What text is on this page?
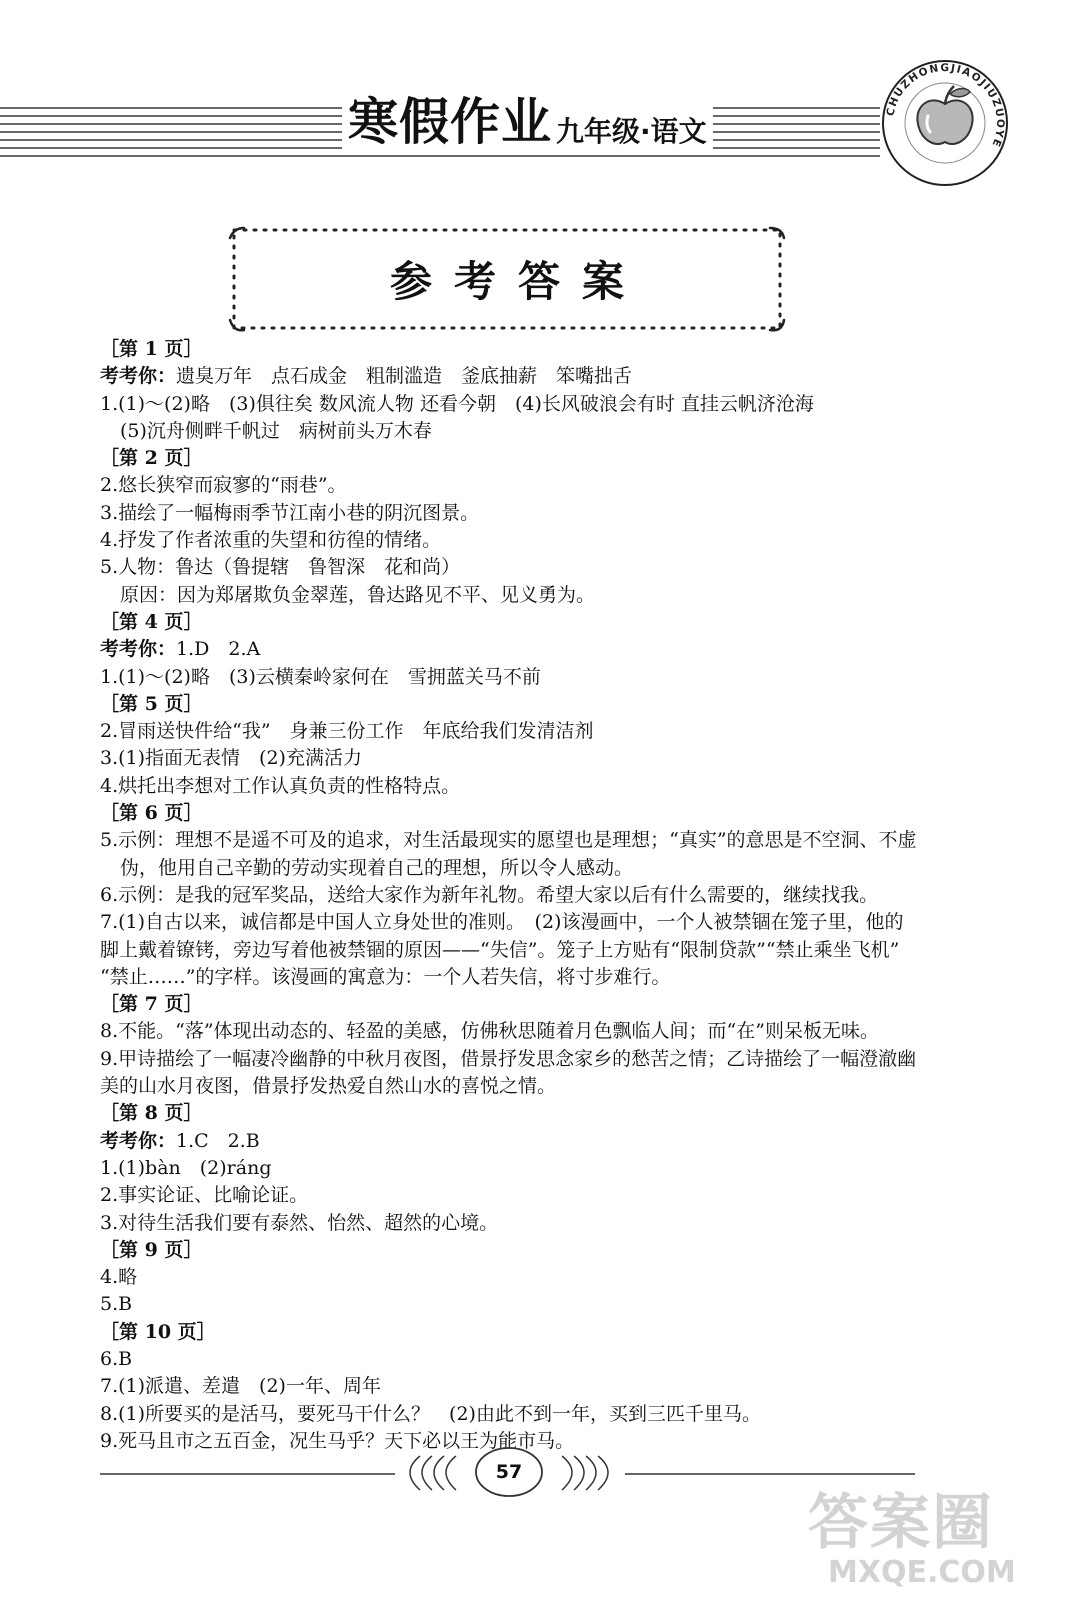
寒假作业 九年级·语文
CHUZHONGJIAOJIUZUOYE
参考答案
［第 1 页］
考考你：遗臭万年　点石成金　粗制滥造　釜底抽薪　笨嘴拙舌
1.(1)～(2)略　(3)俱往矣 数风流人物 还看今朝　(4)长风破浪会有时 直挂云帆济沧海
(5)沉舟侧畔千帆过　病树前头万木春
［第 2 页］
2.悠长狭窄而寂寥的“雨巷”。
3.描绘了一幅梅雨季节江南小巷的阴沉图景。
4.抒发了作者浓重的失望和彷徨的情绪。
5.人物：鲁达（鲁提辖　鲁智深　花和尚）
原因：因为郑屠欺负金翠莲，鲁达路见不平、见义勇为。
［第 4 页］
考考你：1.D　2.A
1.(1)～(2)略　(3)云横秦岭家何在　雪拥蓝关马不前
［第 5 页］
2.冒雨送快件给“我”　身兼三份工作　年底给我们发清洁剂
3.(1)指面无表情　(2)充满活力
4.烘托出李想对工作认真负责的性格特点。
［第 6 页］
5.示例：理想不是遥不可及的追求，对生活最现实的愿望也是理想；“真实”的意思是不空洞、不虚
伪，他用自己辛勤的劳动实现着自己的理想，所以令人感动。
6.示例：是我的冠军奖品，送给大家作为新年礼物。希望大家以后有什么需要的，继续找我。
7.(1)自古以来，诚信都是中国人立身处世的准则。　(2)该漫画中，一个人被禁锢在笼子里，他的
脚上戴着镣铐，旁边写着他被禁锢的原因——“失信”。笼子上方贴有“限制贷款”“禁止乘坐飞机”
“禁止……”的字样。该漫画的寓意为：一个人若失信，将寸步难行。
［第 7 页］
8.不能。“落”体现出动态的、轻盈的美感，仿佛秋思随着月色飘临人间；而“在”则呆板无味。
9.甲诗描绘了一幅凄冷幽静的中秋月夜图，借景抒发思念家乡的愁苦之情；乙诗描绘了一幅澄澈幽
美的山水月夜图，借景抒发热爱自然山水的喜悦之情。
［第 8 页］
考考你：1.C　2.B
1.(1)bàn　(2)ráng
2.事实论证、比喻论证。
3.对待生活我们要有泰然、怡然、超然的心境。
［第 9 页］
4.略
5.B
［第 10 页］
6.B
7.(1)派遣、差遣　(2)一年、周年
8.(1)所要买的是活马，要死马干什么？　(2)由此不到一年，买到三匹千里马。
9.死马且市之五百金，况生马乎？天下必以王为能市马。
57
答案圈
MXQE.COM
